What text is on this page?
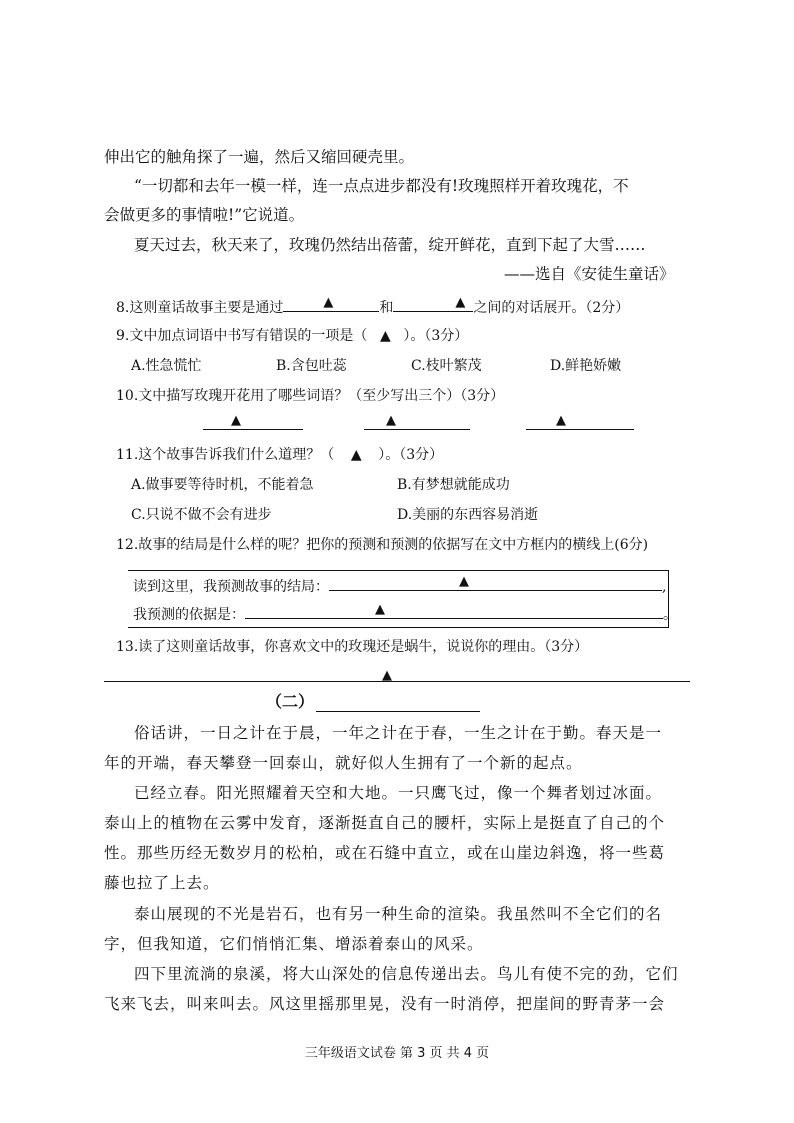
伸出它的触角探了一遍，然后又缩回硬壳里。
“一切都和去年一模一样，连一点点进步都没有!玫瑰照样开着玫瑰花，不
会做更多的事情啦!”它说道。
夏天过去，秋天来了，玫瑰仍然结出蓓蕾，绽开鲜花，直到下起了大雪……
——选自《安徒生童话》
8.这则童话故事主要是通过	▲	和	▲ 之间的对话展开。（2分）
9.文中加点词语中书写有错误的一项是（ ▲ ）。（3分）
A.性急慌忙	B.含包吐蕊	C.枝叶繁茂	D.鲜艳娇嫩
10.文中描写玫瑰开花用了哪些词语？（至少写出三个）（3分）
▲	▲	▲
11.这个故事告诉我们什么道理？（ ▲ ）。（3分）
A.做事要等待时机，不能着急	B.有梦想就能成功
C.只说不做不会有进步	D.美丽的东西容易消逝
12.故事的结局是什么样的呢？把你的预测和预测的依据写在文中方框内的横线上(6分)
读到这里，我预测故事的结局：	▲	,
我预测的依据是：	▲	。
13.读了这则童话故事，你喜欢文中的玫瑰还是蜗牛，说说你的理由。（3分）
▲
（二）
俗话讲，一日之计在于晨，一年之计在于春，一生之计在于勤。春天是一
年的开端，春天攀登一回泰山，就好似人生拥有了一个新的起点。
已经立春。阳光照耀着天空和大地。一只鹰飞过，像一个舞者划过冰面。
泰山上的植物在云雾中发育，逐渐挺直自己的腰杆，实际上是挺直了自己的个
性。那些历经无数岁月的松柏，或在石缝中直立，或在山崖边斜逸，将一些葛
藤也拉了上去。
泰山展现的不光是岩石，也有另一种生命的渲染。我虽然叫不全它们的名
字，但我知道，它们悄悄汇集、增添着泰山的风采。
四下里流淌的泉溪，将大山深处的信息传递出去。鸟儿有使不完的劲，它们
飞来飞去，叫来叫去。风这里摇那里晃，没有一时消停，把崖间的野青茅一会
三年级语文试卷 第 3 页 共 4 页
